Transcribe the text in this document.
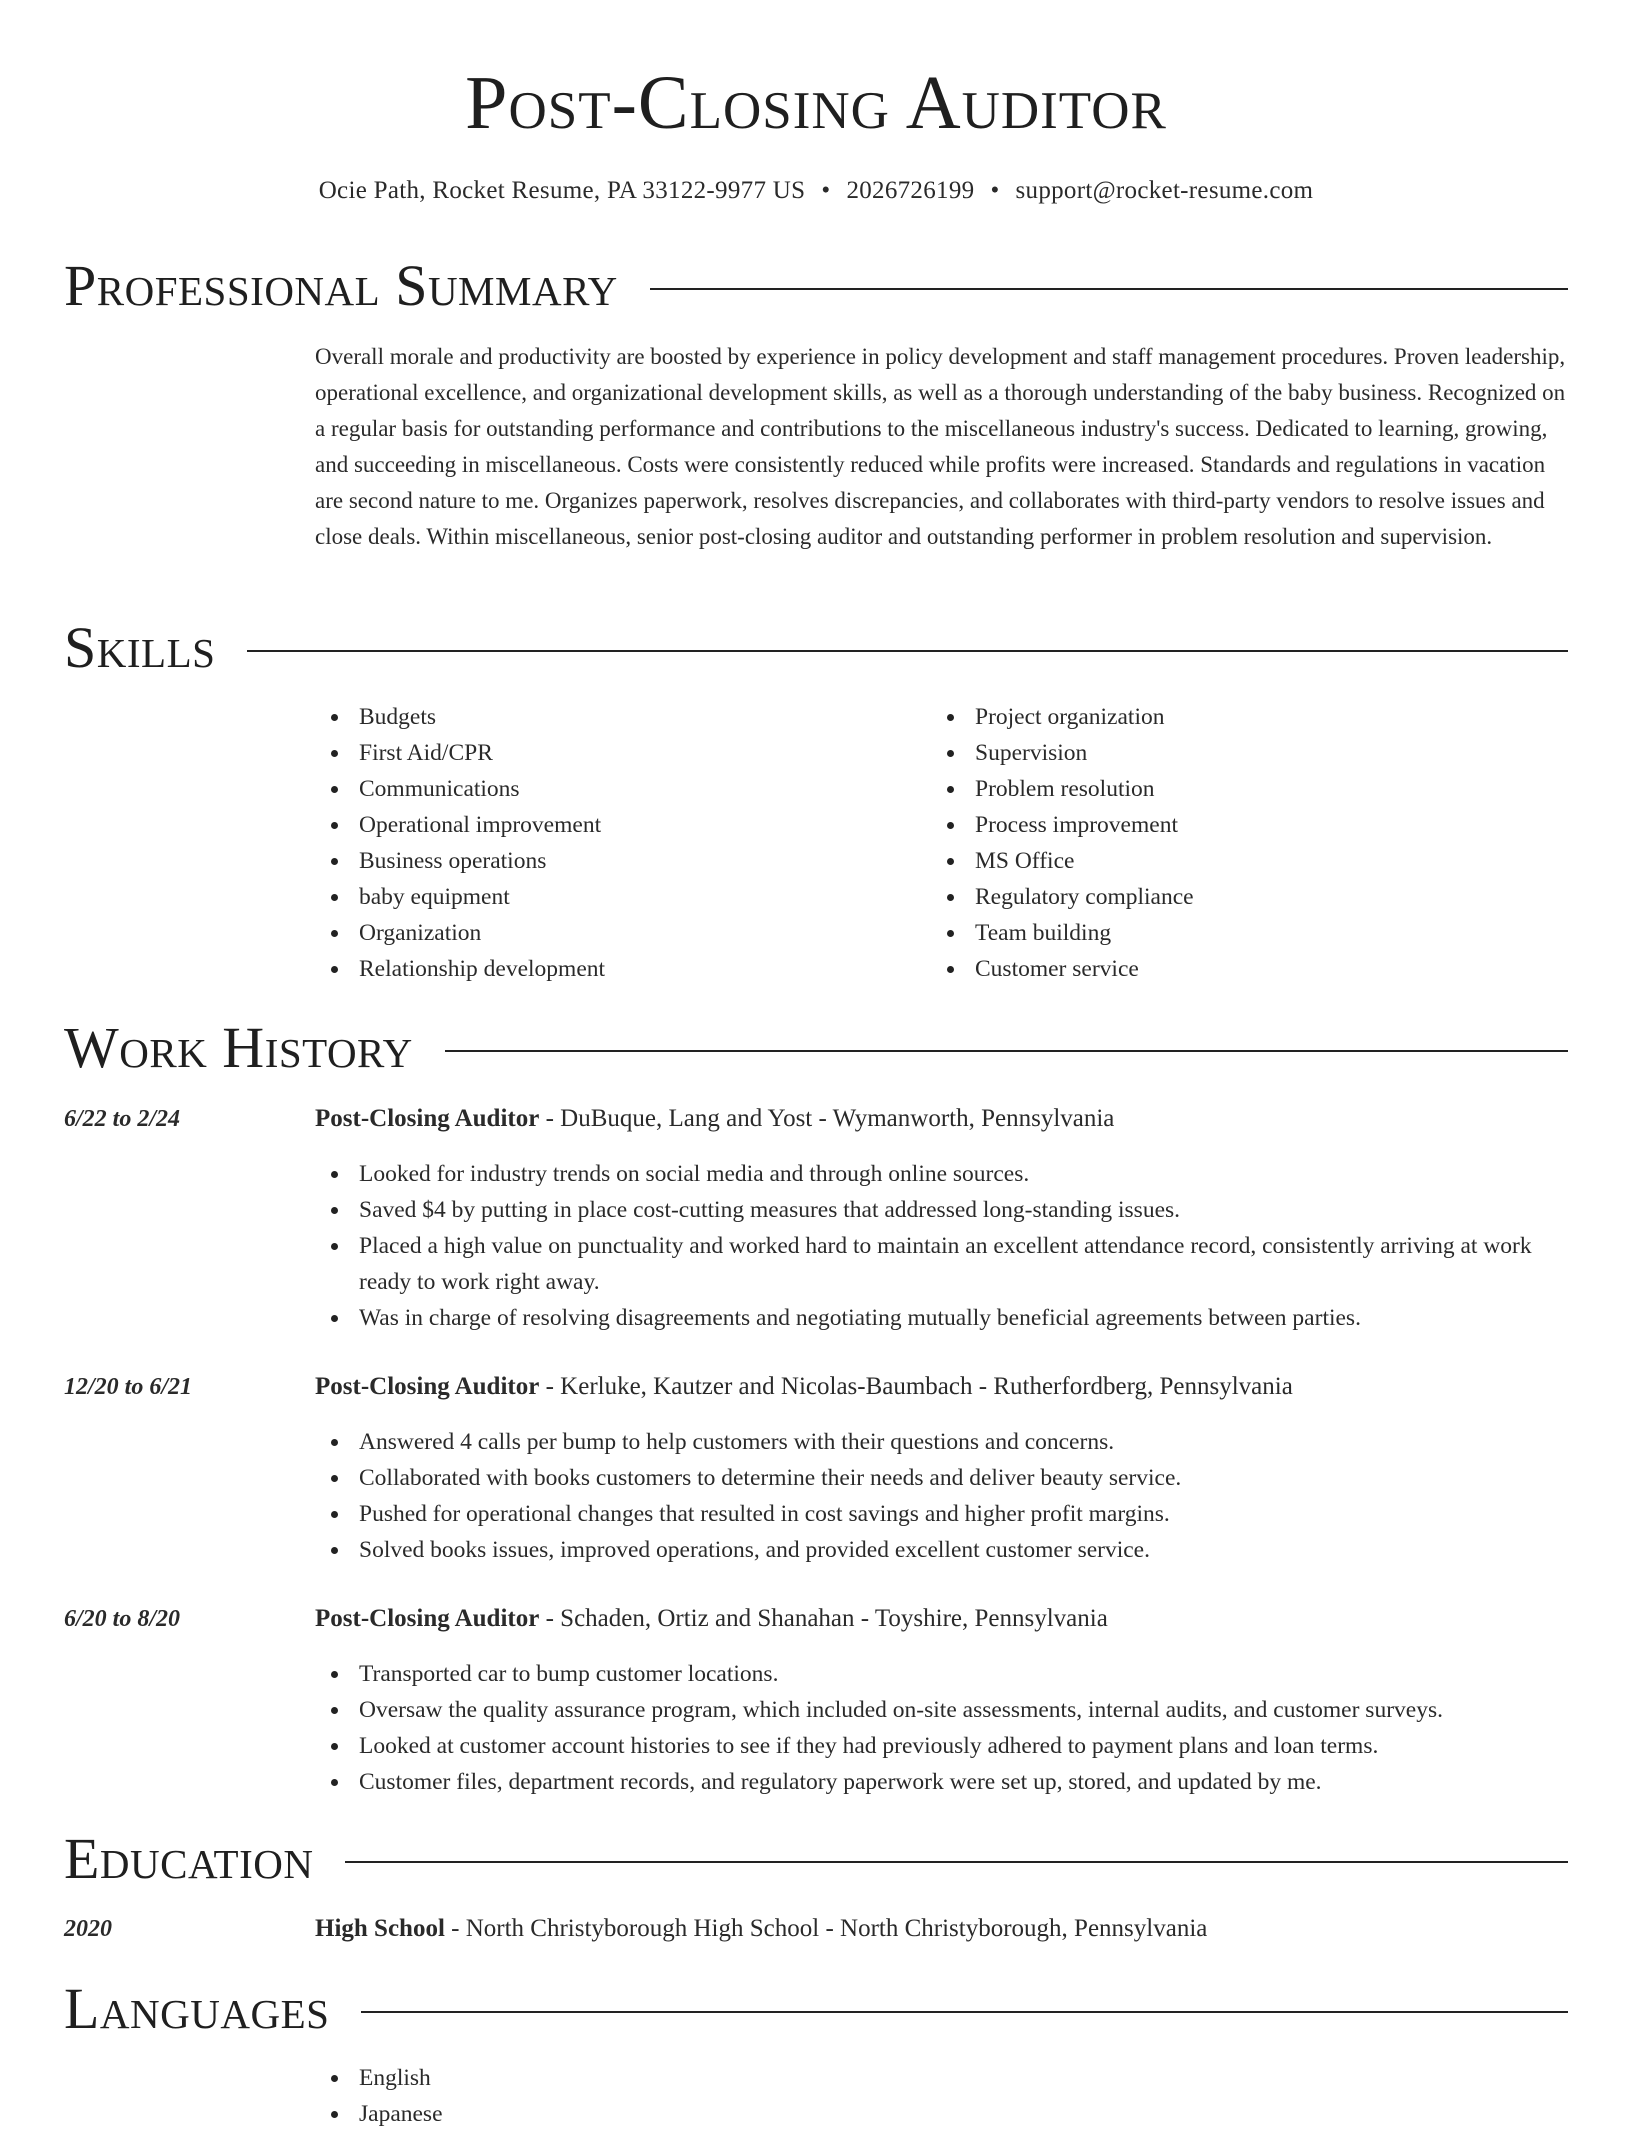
Post-Closing Auditor
Ocie Path, Rocket Resume, PA 33122-9977 US • 2026726199 • support@rocket-resume.com
Professional Summary
Overall morale and productivity are boosted by experience in policy development and staff management procedures. Proven leadership, operational excellence, and organizational development skills, as well as a thorough understanding of the baby business. Recognized on a regular basis for outstanding performance and contributions to the miscellaneous industry's success. Dedicated to learning, growing, and succeeding in miscellaneous. Costs were consistently reduced while profits were increased. Standards and regulations in vacation are second nature to me. Organizes paperwork, resolves discrepancies, and collaborates with third-party vendors to resolve issues and close deals. Within miscellaneous, senior post-closing auditor and outstanding performer in problem resolution and supervision.
Skills
Budgets
First Aid/CPR
Communications
Operational improvement
Business operations
baby equipment
Organization
Relationship development
Project organization
Supervision
Problem resolution
Process improvement
MS Office
Regulatory compliance
Team building
Customer service
Work History
6/22 to 2/24	Post-Closing Auditor - DuBuque, Lang and Yost - Wymanworth, Pennsylvania
Looked for industry trends on social media and through online sources.
Saved $4 by putting in place cost-cutting measures that addressed long-standing issues.
Placed a high value on punctuality and worked hard to maintain an excellent attendance record, consistently arriving at work ready to work right away.
Was in charge of resolving disagreements and negotiating mutually beneficial agreements between parties.
12/20 to 6/21	Post-Closing Auditor - Kerluke, Kautzer and Nicolas-Baumbach - Rutherfordberg, Pennsylvania
Answered 4 calls per bump to help customers with their questions and concerns.
Collaborated with books customers to determine their needs and deliver beauty service.
Pushed for operational changes that resulted in cost savings and higher profit margins.
Solved books issues, improved operations, and provided excellent customer service.
6/20 to 8/20	Post-Closing Auditor - Schaden, Ortiz and Shanahan - Toyshire, Pennsylvania
Transported car to bump customer locations.
Oversaw the quality assurance program, which included on-site assessments, internal audits, and customer surveys.
Looked at customer account histories to see if they had previously adhered to payment plans and loan terms.
Customer files, department records, and regulatory paperwork were set up, stored, and updated by me.
Education
2020	High School - North Christyborough High School - North Christyborough, Pennsylvania
Languages
English
Japanese
